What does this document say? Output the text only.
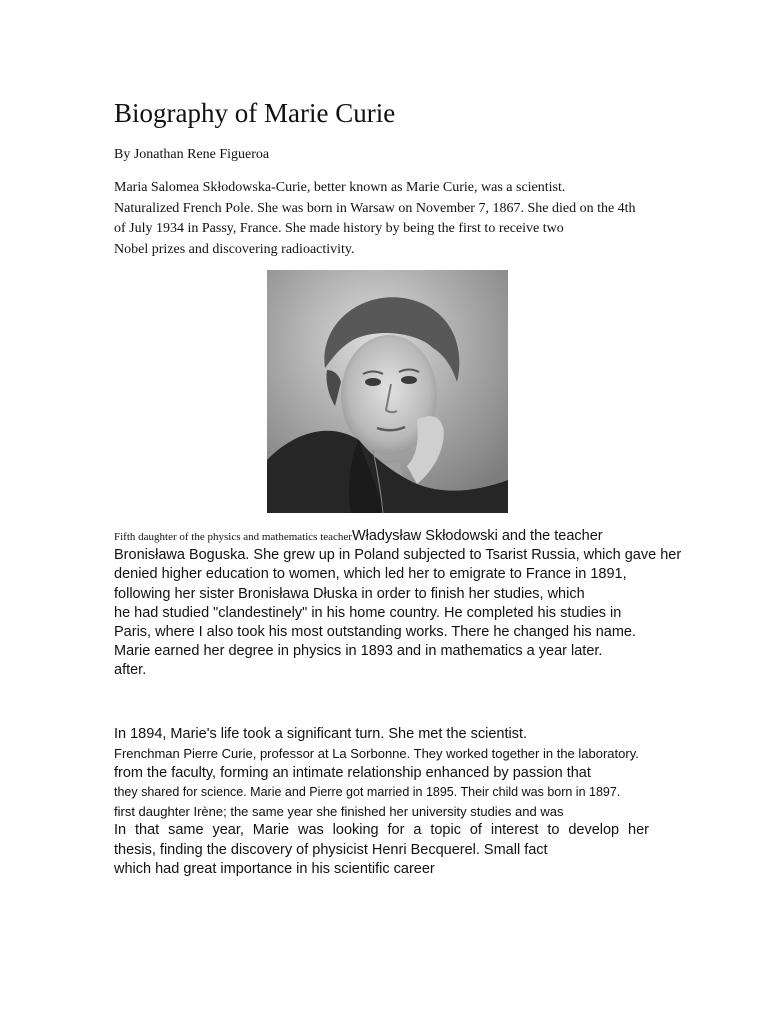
Biography of Marie Curie
By Jonathan Rene Figueroa
Maria Salomea Skłodowska-Curie, better known as Marie Curie, was a scientist.
Naturalized French Pole. She was born in Warsaw on November 7, 1867. She died on the 4th
of July 1934 in Passy, France. She made history by being the first to receive two
Nobel prizes and discovering radioactivity.
Fifth daughter of the physics and mathematics teacherWładysław Skłodowski and the teacher
Bronisława Boguska. She grew up in Poland subjected to Tsarist Russia, which gave her
denied higher education to women, which led her to emigrate to France in 1891,
following her sister Bronisława Dłuska in order to finish her studies, which
he had studied "clandestinely" in his home country. He completed his studies in
Paris, where I also took his most outstanding works. There he changed his name.
Marie earned her degree in physics in 1893 and in mathematics a year later.
after.
In 1894, Marie's life took a significant turn. She met the scientist.
Frenchman Pierre Curie, professor at La Sorbonne. They worked together in the laboratory.
from the faculty, forming an intimate relationship enhanced by passion that
they shared for science. Marie and Pierre got married in 1895. Their child was born in 1897.
first daughter Irène; the same year she finished her university studies and was
In that same year, Marie was looking for a topic of interest to develop her
thesis, finding the discovery of physicist Henri Becquerel. Small fact
which had great importance in his scientific career
